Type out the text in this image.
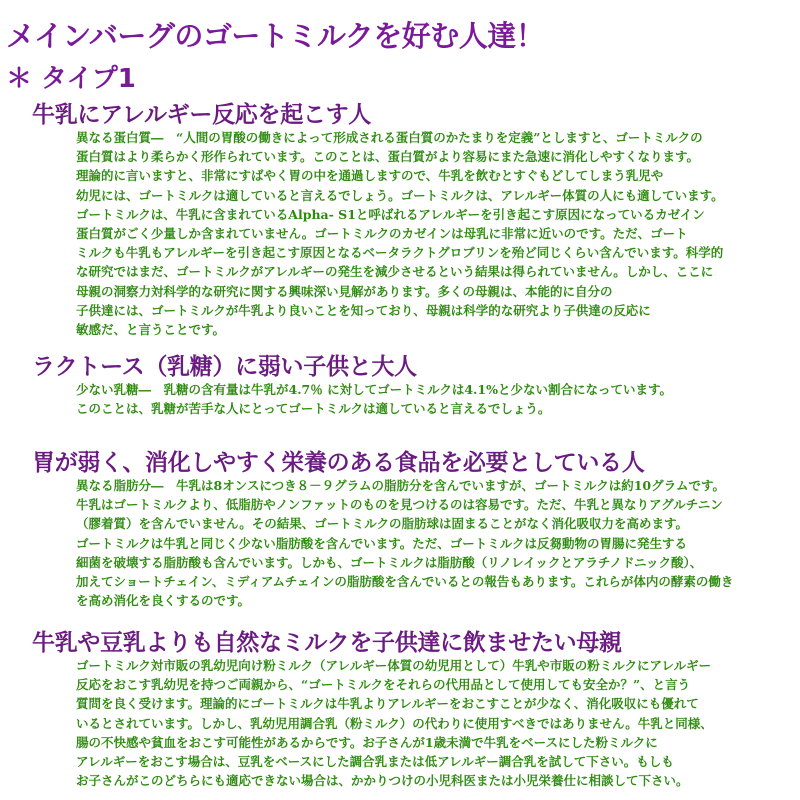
メインバーグのゴートミルクを好む人達！
＊ タイプ1
牛乳にアレルギー反応を起こす人
異なる蛋白質―　“人間の胃酸の働きによって形成される蛋白質のかたまりを定義”としますと、ゴートミルクの
蛋白質はより柔らかく形作られています。このことは、蛋白質がより容易にまた急速に消化しやすくなります。
理論的に言いますと、非常にすばやく胃の中を通過しますので、牛乳を飲むとすぐもどしてしまう乳児や
幼児には、ゴートミルクは適していると言えるでしょう。ゴートミルクは、アレルギー体質の人にも適しています。
ゴートミルクは、牛乳に含まれているAlpha- S1と呼ばれるアレルギーを引き起こす原因になっているカゼイン
蛋白質がごく少量しか含まれていません。ゴートミルクのカゼインは母乳に非常に近いのです。ただ、ゴート
ミルクも牛乳もアレルギーを引き起こす原因となるベータラクトグロブリンを殆ど同じくらい含んでいます。科学的
な研究ではまだ、ゴートミルクがアレルギーの発生を減少させるという結果は得られていません。しかし、ここに
母親の洞察力対科学的な研究に関する興味深い見解があります。多くの母親は、本能的に自分の
子供達には、ゴートミルクが牛乳より良いことを知っており、母親は科学的な研究より子供達の反応に
敏感だ、と言うことです。
ラクトース（乳糖）に弱い子供と大人
少ない乳糖―　乳糖の含有量は牛乳が4.7％ に対してゴートミルクは4.1%と少ない割合になっています。
このことは、乳糖が苦手な人にとってゴートミルクは適していると言えるでしょう。
胃が弱く、消化しやすく栄養のある食品を必要としている人
異なる脂肪分―　牛乳は8オンスにつき８－９グラムの脂肪分を含んでいますが、ゴートミルクは約10グラムです。
牛乳はゴートミルクより、低脂肪やノンファットのものを見つけるのは容易です。ただ、牛乳と異なりアグルチニン
（膠着質）を含んでいません。その結果、ゴートミルクの脂肪球は固まることがなく消化吸収力を高めます。
ゴートミルクは牛乳と同じく少ない脂肪酸を含んでいます。ただ、ゴートミルクは反芻動物の胃腸に発生する
細菌を破壊する脂肪酸も含んでいます。しかも、ゴートミルクは脂肪酸（リノレイックとアラチノドニック酸）、
加えてショートチェイン、ミディアムチェインの脂肪酸を含んでいるとの報告もあります。これらが体内の酵素の働き
を高め消化を良くするのです。
牛乳や豆乳よりも自然なミルクを子供達に飲ませたい母親
ゴートミルク対市販の乳幼児向け粉ミルク（アレルギー体質の幼児用として）牛乳や市販の粉ミルクにアレルギー
反応をおこす乳幼児を持つご両親から、“ゴートミルクをそれらの代用品として使用しても安全か？”、と言う
質問を良く受けます。理論的にゴートミルクは牛乳よりアレルギーをおこすことが少なく、消化吸収にも優れて
いるとされています。しかし、乳幼児用調合乳（粉ミルク）の代わりに使用すべきではありません。牛乳と同様、
腸の不快感や貧血をおこす可能性があるからです。お子さんが1歳未満で牛乳をベースにした粉ミルクに
アレルギーをおこす場合は、豆乳をベースにした調合乳または低アレルギー調合乳を試して下さい。もしも
お子さんがこのどちらにも適応できない場合は、かかりつけの小児科医または小児栄養仕に相談して下さい。
